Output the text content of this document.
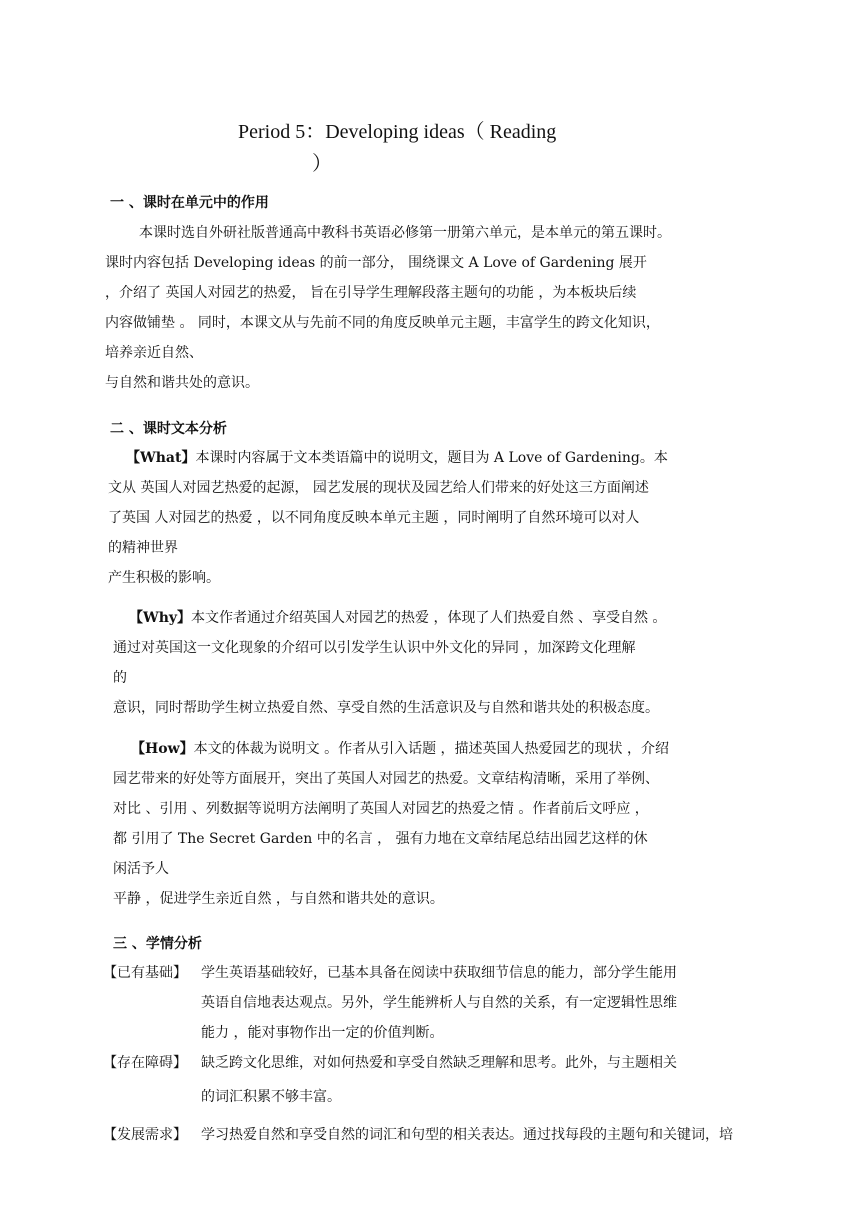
Period 5：Developing ideas（ Reading
）
一 、课时在单元中的作用
本课时选自外研社版普通高中教科书英语必修第一册第六单元，是本单元的第五课时。
课时内容包括 Developing ideas 的前一部分， 围绕课文 A Love of Gardening 展开
，介绍了 英国人对园艺的热爱， 旨在引导学生理解段落主题句的功能 ，为本板块后续
内容做铺垫 。 同时，本课文从与先前不同的角度反映单元主题，丰富学生的跨文化知识，
培养亲近自然、
与自然和谐共处的意识。
二 、课时文本分析
【What】本课时内容属于文本类语篇中的说明文，题目为 A Love of Gardening。本
文从 英国人对园艺热爱的起源， 园艺发展的现状及园艺给人们带来的好处这三方面阐述
了英国 人对园艺的热爱 ，以不同角度反映本单元主题 ，同时阐明了自然环境可以对人
的精神世界
产生积极的影响。
【Why】本文作者通过介绍英国人对园艺的热爱 ，体现了人们热爱自然 、享受自然 。
通过对英国这一文化现象的介绍可以引发学生认识中外文化的异同 ，加深跨文化理解
的
意识，同时帮助学生树立热爱自然、享受自然的生活意识及与自然和谐共处的积极态度。
【How】本文的体裁为说明文 。作者从引入话题 ，描述英国人热爱园艺的现状 ，介绍
园艺带来的好处等方面展开，突出了英国人对园艺的热爱。文章结构清晰，采用了举例、
对比 、引用 、列数据等说明方法阐明了英国人对园艺的热爱之情 。作者前后文呼应 ，
都 引用了 The Secret Garden 中的名言 ， 强有力地在文章结尾总结出园艺这样的休
闲活予人
平静 ，促进学生亲近自然 ，与自然和谐共处的意识。
三 、学情分析
【已有基础】 学生英语基础较好，已基本具备在阅读中获取细节信息的能力，部分学生能用
英语自信地表达观点。另外，学生能辨析人与自然的关系，有一定逻辑性思维
能力 ，能对事物作出一定的价值判断。
【存在障碍】 缺乏跨文化思维，对如何热爱和享受自然缺乏理解和思考。此外，与主题相关
的词汇积累不够丰富。
【发展需求】 学习热爱自然和享受自然的词汇和句型的相关表达。通过找每段的主题句和关键词，培
